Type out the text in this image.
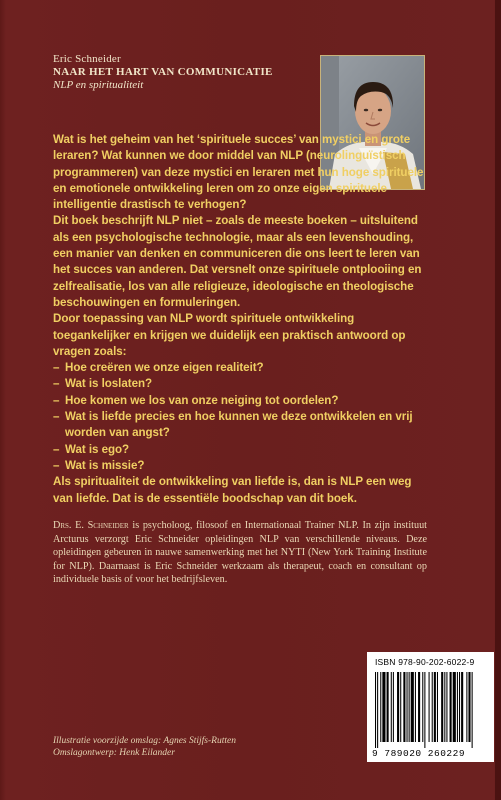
Eric Schneider
NAAR HET HART VAN COMMUNICATIE
NLP en spiritualiteit

Wat is het geheim van het ‘spirituele succes’ van mystici en grote leraren? Wat kunnen we door middel van NLP (neurolinguïstisch programmeren) van deze mystici en leraren met hun hoge spirituele en emotionele ontwikkeling leren om zo onze eigen spirituele intelligentie drastisch te verhogen?

Dit boek beschrijft NLP niet – zoals de meeste boeken – uitsluitend als een psychologische technologie, maar als een levenshouding, een manier van denken en communiceren die ons leert te leren van het succes van anderen. Dat versnelt onze spirituele ontplooiing en zelfrealisatie, los van alle religieuze, ideologische en theologische beschouwingen en formuleringen.

Door toepassing van NLP wordt spirituele ontwikkeling toegankelijker en krijgen we duidelijk een praktisch antwoord op vragen zoals:

– Hoe creëren we onze eigen realiteit?
– Wat is loslaten?
– Hoe komen we los van onze neiging tot oordelen?
– Wat is liefde precies en hoe kunnen we deze ontwikkelen en vrij worden van angst?
– Wat is ego?
– Wat is missie?

Als spiritualiteit de ontwikkeling van liefde is, dan is NLP een weg van liefde. Dat is de essentiële boodschap van dit boek.

Drs. E. Schneider is psycholoog, filosoof en Internationaal Trainer NLP. In zijn instituut Arcturus verzorgt Eric Schneider opleidingen NLP van verschillende niveaus. Deze opleidingen gebeuren in nauwe samenwerking met het NYTI (New York Training Institute for NLP). Daarnaast is Eric Schneider werkzaam als therapeut, coach en consultant op individuele basis of voor het bedrijfsleven.
ISBN 978-90-202-6022-9
9 789020 260229
Illustratie voorzijde omslag: Agnes Stijfs-Rutten
Omslagontwerp: Henk Eilander
